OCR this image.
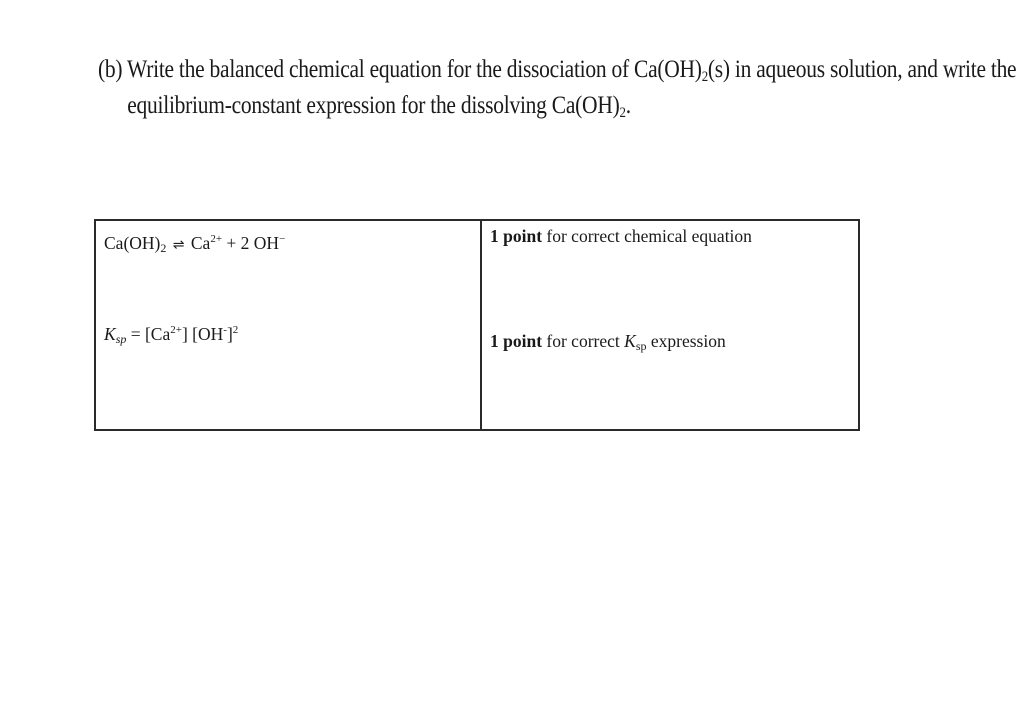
(b) Write the balanced chemical equation for the dissociation of $Ca(OH)_2(s)$ in aqueous solution, and write the
equilibrium-constant expression for the dissolving $Ca(OH)_2$.
$Ca(OH)_2$ ⇌ $Ca^{2+} + 2$ OH−
$K_{sp} = [Ca^{2+}]$ $[OH^-]^2$
1 point for correct chemical equation
1 point for correct $K_{sp}$ expression
